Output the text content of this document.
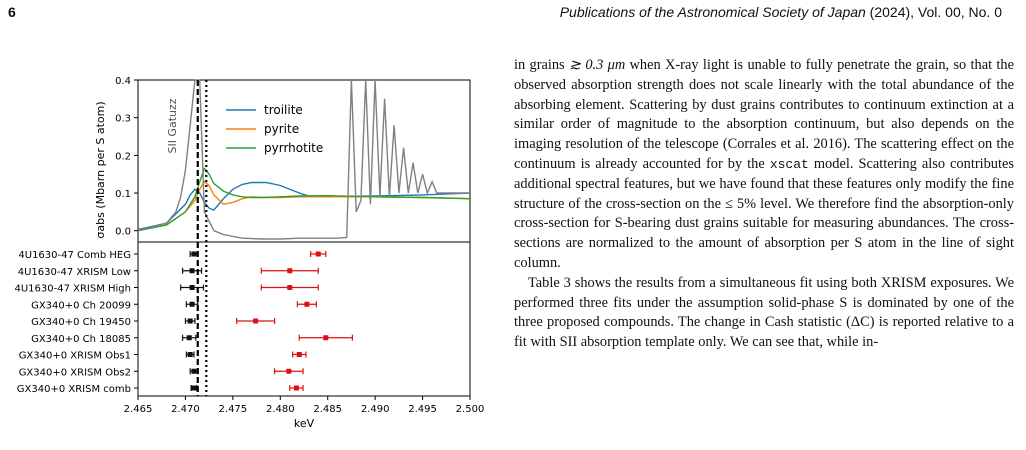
6	Publications of the Astronomical Society of Japan (2024), Vol. 00, No. 0
0.4
0.3
0.2
0.1
0.0
σabs (Mbarn per S atom)	SII Gatuzz	troilite
pyrite
pyrrhotite
4U1630-47 Comb HEG
4U1630-47 XRISM Low
4U1630-47 XRISM High
GX340+0 Ch 20099
GX340+0 Ch 19450
GX340+0 Ch 18085
GX340+0 XRISM Obs1
GX340+0 XRISM Obs2
GX340+0 XRISM comb
2.465 2.470 2.475 2.480 2.485 2.490 2.495 2.500
keV

in grains ≳ 0.3 μm when X-ray light is unable to fully penetrate the grain, so that the observed absorption strength does not scale linearly with the total abundance of the absorbing element. Scattering by dust grains contributes to continuum extinction at a similar order of magnitude to the absorption continuum, but also depends on the imaging resolution of the telescope (Corrales et al. 2016). The scattering effect on the continuum is already accounted for by the xscat model. Scattering also contributes additional spectral features, but we have found that these features only modify the fine structure of the cross-section on the ≤ 5% level. We therefore find the absorption-only cross-section for S-bearing dust grains suitable for measuring abundances. The cross-sections are normalized to the amount of absorption per S atom in the line of sight column.

Table 3 shows the results from a simultaneous fit using both XRISM exposures. We performed three fits under the assumption solid-phase S is dominated by one of the three proposed compounds. The change in Cash statistic (ΔC) is reported relative to a fit with SII absorption template only. We can see that, while in-
